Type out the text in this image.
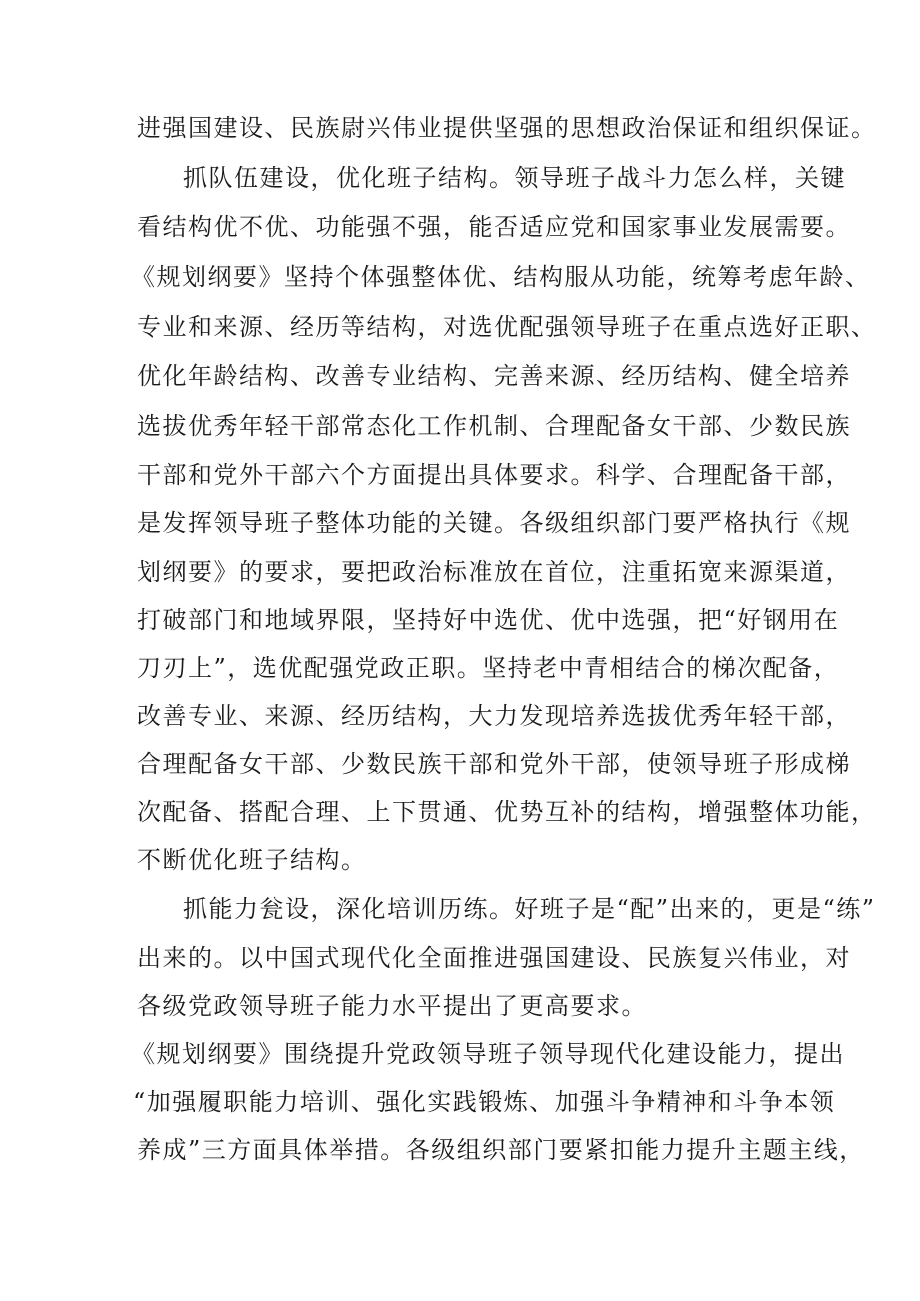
进强国建设、民族尉兴伟业提供坚强的思想政治保证和组织保证。
抓队伍建设，优化班子结构。领导班子战斗力怎么样，关键
看结构优不优、功能强不强，能否适应党和国家事业发展需要。
《规划纲要》坚持个体强整体优、结构服从功能，统筹考虑年龄、
专业和来源、经历等结构，对选优配强领导班子在重点选好正职、
优化年龄结构、改善专业结构、完善来源、经历结构、健全培养
选拔优秀年轻干部常态化工作机制、合理配备女干部、少数民族
干部和党外干部六个方面提出具体要求。科学、合理配备干部，
是发挥领导班子整体功能的关键。各级组织部门要严格执行《规
划纲要》的要求，要把政治标准放在首位，注重拓宽来源渠道，
打破部门和地域界限，坚持好中选优、优中选强，把“好钢用在
刀刃上”，选优配强党政正职。坚持老中青相结合的梯次配备，
改善专业、来源、经历结构，大力发现培养选拔优秀年轻干部，
合理配备女干部、少数民族干部和党外干部，使领导班子形成梯
次配备、搭配合理、上下贯通、优势互补的结构，增强整体功能，
不断优化班子结构。
抓能力瓮设，深化培训历练。好班子是“配”出来的，更是“练”
出来的。以中国式现代化全面推进强国建设、民族复兴伟业，对
各级党政领导班子能力水平提出了更高要求。
《规划纲要》围绕提升党政领导班子领导现代化建设能力，提出
“加强履职能力培训、强化实践锻炼、加强斗争精神和斗争本领
养成”三方面具体举措。各级组织部门要紧扣能力提升主题主线，
